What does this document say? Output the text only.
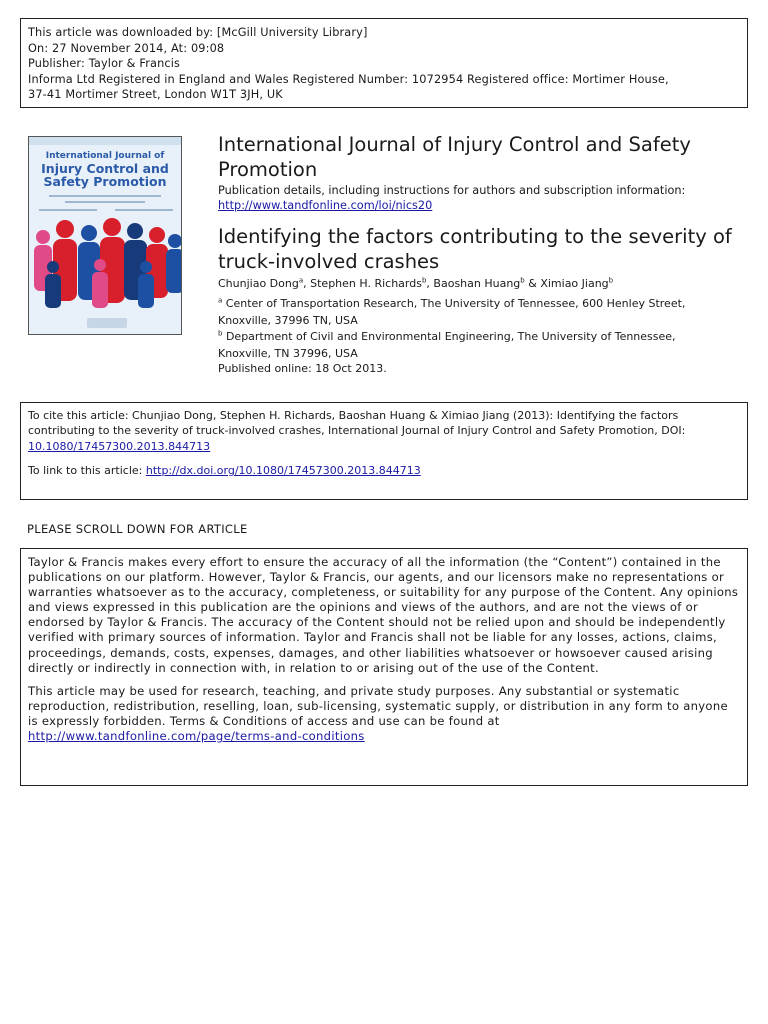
This article was downloaded by: [McGill University Library]
On: 27 November 2014, At: 09:08
Publisher: Taylor & Francis
Informa Ltd Registered in England and Wales Registered Number: 1072954 Registered office: Mortimer House,
37-41 Mortimer Street, London W1T 3JH, UK
International Journal of
Injury Control and
Safety Promotion
International Journal of Injury Control and Safety Promotion
Publication details, including instructions for authors and subscription information:
http://www.tandfonline.com/loi/nics20
Identifying the factors contributing to the severity of truck-involved crashes
Chunjiao Dong$^a$, Stephen H. Richards$^b$, Baoshan Huang$^b$ & Ximiao Jiang$^b$
$^a$ Center of Transportation Research, The University of Tennessee, 600 Henley Street, Knoxville, 37996 TN, USA
$^b$ Department of Civil and Environmental Engineering, The University of Tennessee, Knoxville, TN 37996, USA
Published online: 18 Oct 2013.
To cite this article: Chunjiao Dong, Stephen H. Richards, Baoshan Huang & Ximiao Jiang (2013): Identifying the factors contributing to the severity of truck-involved crashes, International Journal of Injury Control and Safety Promotion, DOI: 10.1080/17457300.2013.844713
To link to this article: http://dx.doi.org/10.1080/17457300.2013.844713
PLEASE SCROLL DOWN FOR ARTICLE

Taylor & Francis makes every effort to ensure the accuracy of all the information (the “Content”) contained in the publications on our platform. However, Taylor & Francis, our agents, and our licensors make no representations or warranties whatsoever as to the accuracy, completeness, or suitability for any purpose of the Content. Any opinions and views expressed in this publication are the opinions and views of the authors, and are not the views of or endorsed by Taylor & Francis. The accuracy of the Content should not be relied upon and should be independently verified with primary sources of information. Taylor and Francis shall not be liable for any losses, actions, claims, proceedings, demands, costs, expenses, damages, and other liabilities whatsoever or howsoever caused arising directly or indirectly in connection with, in relation to or arising out of the use of the Content.

This article may be used for research, teaching, and private study purposes. Any substantial or systematic reproduction, redistribution, reselling, loan, sub-licensing, systematic supply, or distribution in any form to anyone is expressly forbidden. Terms & Conditions of access and use can be found at http://www.tandfonline.com/page/terms-and-conditions
